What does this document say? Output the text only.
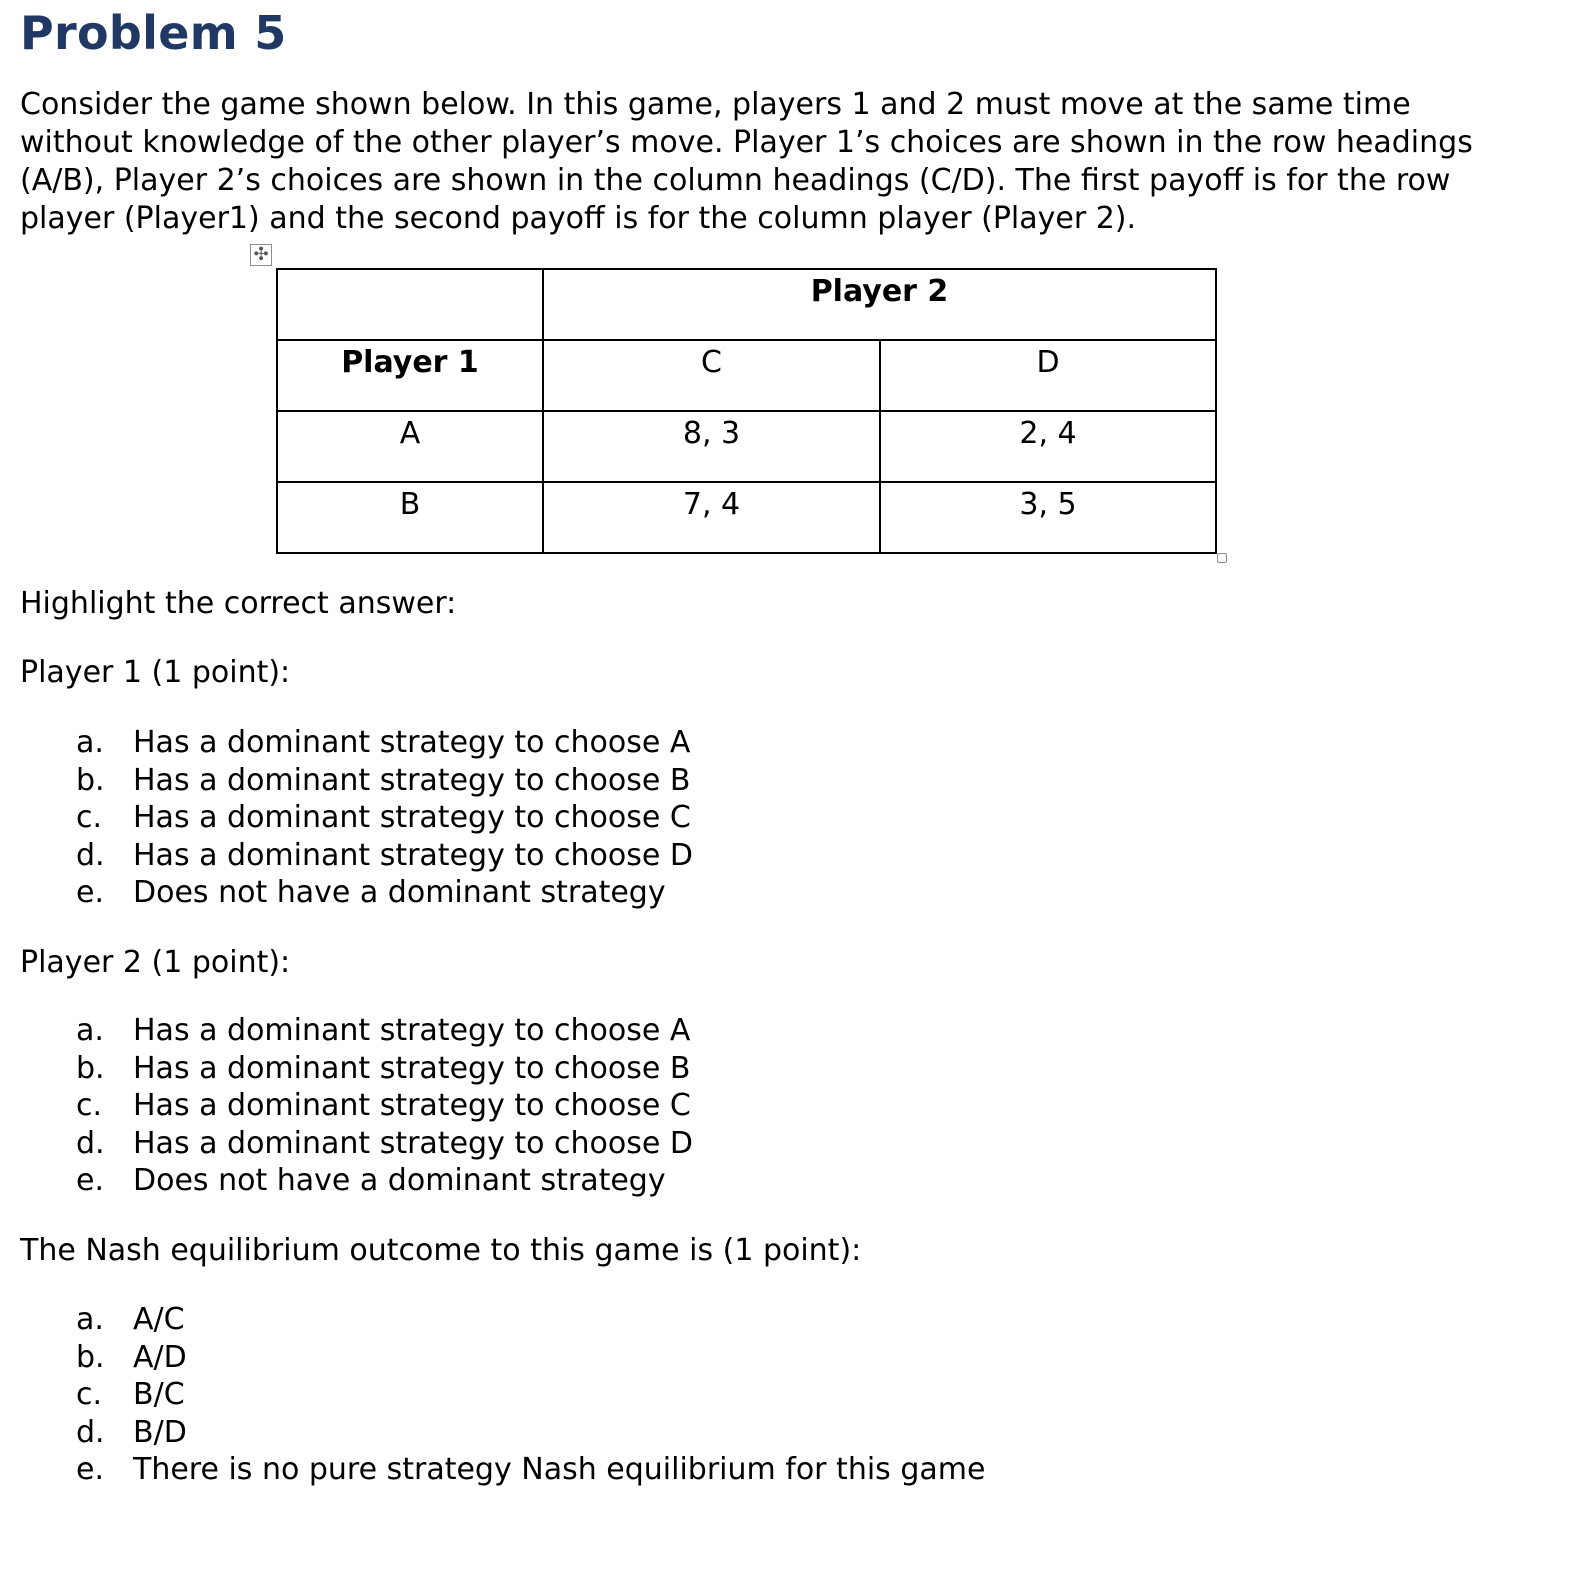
Problem 5

Consider the game shown below. In this game, players 1 and 2 must move at the same time without knowledge of the other player’s move. Player 1’s choices are shown in the row headings (A/B), Player 2’s choices are shown in the column headings (C/D). The first payoff is for the row player (Player1) and the second payoff is for the column player (Player 2).

✣
	Player 2	
Player 1	C	D
A	8, 3	2, 4
B	7, 4	3, 5

Highlight the correct answer:

Player 1 (1 point):

a. Has a dominant strategy to choose A
b. Has a dominant strategy to choose B
c. Has a dominant strategy to choose C
d. Has a dominant strategy to choose D
e. Does not have a dominant strategy

Player 2 (1 point):

a. Has a dominant strategy to choose A
b. Has a dominant strategy to choose B
c. Has a dominant strategy to choose C
d. Has a dominant strategy to choose D
e. Does not have a dominant strategy

The Nash equilibrium outcome to this game is (1 point):

a. A/C
b. A/D
c. B/C
d. B/D
e. There is no pure strategy Nash equilibrium for this game
